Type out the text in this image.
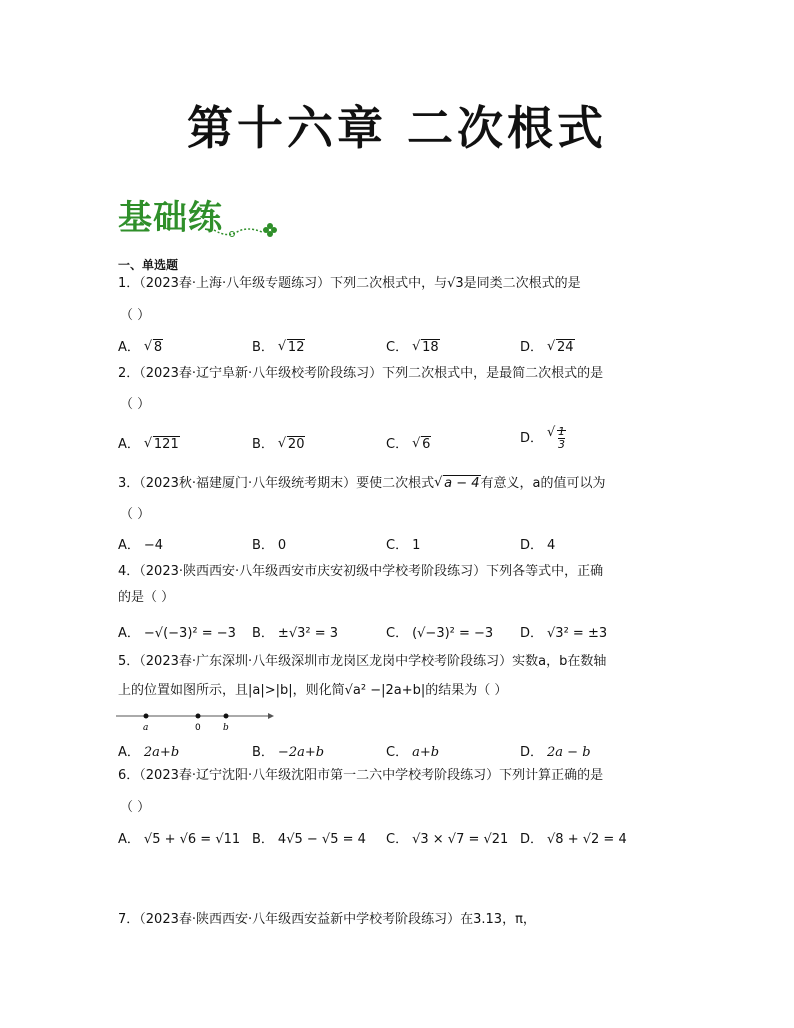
第十六章 二次根式
基础练
一、单选题
1．（2023春·上海·八年级专题练习）下列二次根式中，与√3是同类二次根式的是
（ ）
A． √ 8	B． √ 12	C． √ 18	D． √ 24
2．（2023春·辽宁阜新·八年级校考阶段练习）下列二次根式中，是最简二次根式的是
（ ）
A． √ 121	B． √ 20	C． √ 6	D． √ $\frac{1}{3}$
3．（2023秋·福建厦门·八年级统考期末）要使二次根式 √ a − 4有意义，a的值可以为
（ ）
A． −4	B． 0	C． 1	D． 4
4．（2023·陕西西安·八年级西安市庆安初级中学校考阶段练习）下列各等式中，正确
的是（ ）
A． −√(−3)² = −3 B． ±√3² = 3	C． (√−3)² = −3 D． √3² = ±3
5．（2023春·广东深圳·八年级深圳市龙岗区龙岗中学校考阶段练习）实数a，b在数轴
上的位置如图所示，且|a|>|b|，则化简√a² −|2a+b|的结果为（ ）
a	0 b
A． 2a+b	B． −2a+b	C． a+b	D． 2a − b
6．（2023春·辽宁沈阳·八年级沈阳市第一二六中学校考阶段练习）下列计算正确的是
（ ）
A． √5 + √6 = √11 B． 4√5 − √5 = 4 C． √3 × √7 = √21 D． √8 + √2 = 4
7．（2023春·陕西西安·八年级西安益新中学校考阶段练习）在3.13，π，
